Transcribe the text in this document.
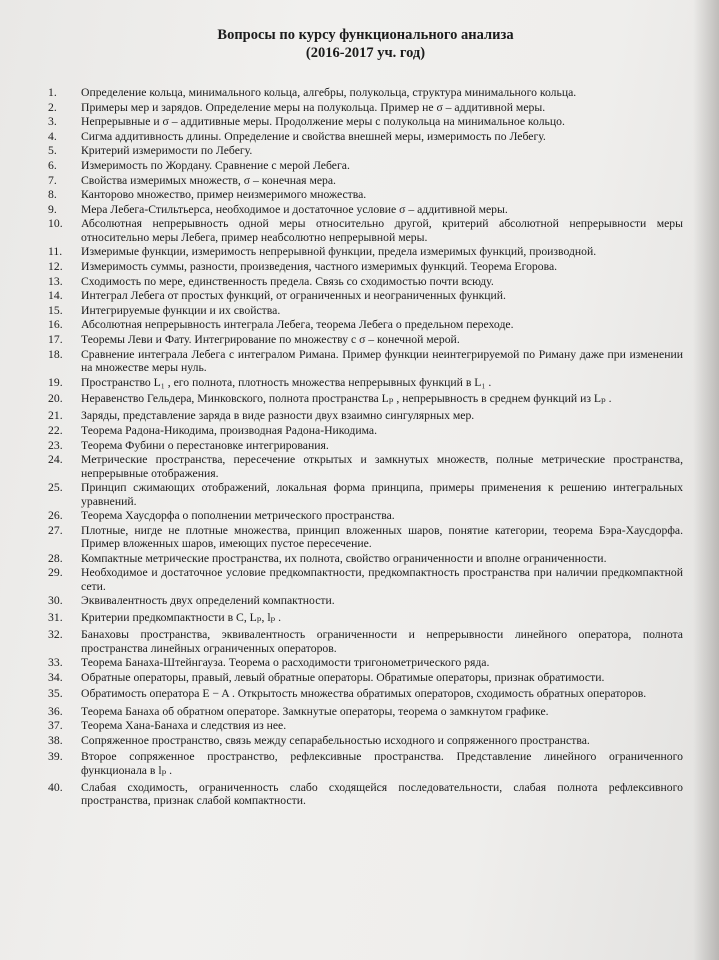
Вопросы по курсу функционального анализа
(2016-2017 уч. год)
1.	Определение кольца, минимального кольца, алгебры, полукольца, структура минимального кольца.
2.	Примеры мер и зарядов. Определение меры на полукольца. Пример не σ – аддитивной меры.
3.	Непрерывные и σ – аддитивные меры. Продолжение меры с полукольца на минимальное кольцо.
4.	Сигма аддитивность длины. Определение и свойства внешней меры, измеримость по Лебегу.
5.	Критерий измеримости по Лебегу.
6.	Измеримость по Жордану. Сравнение с мерой Лебега.
7.	Свойства измеримых множеств, σ – конечная мера.
8.	Канторово множество, пример неизмеримого множества.
9.	Мера Лебега-Стильтьерса, необходимое и достаточное условие σ – аддитивной меры.
10.	Абсолютная непрерывность одной меры относительно другой, критерий абсолютной непрерывности меры относительно меры Лебега, пример неабсолютно непрерывной меры.
11.	Измеримые функции, измеримость непрерывной функции, предела измеримых функций, производной.
12.	Измеримость суммы, разности, произведения, частного измеримых функций. Теорема Егорова.
13.	Сходимость по мере, единственность предела. Связь со сходимостью почти всюду.
14.	Интеграл Лебега от простых функций, от ограниченных и неограниченных функций.
15.	Интегрируемые функции и их свойства.
16.	Абсолютная непрерывность интеграла Лебега, теорема Лебега о предельном переходе.
17.	Теоремы Леви и Фату. Интегрирование по множеству с σ – конечной мерой.
18.	Сравнение интеграла Лебега с интегралом Римана. Пример функции неинтегрируемой по Риману даже при изменении на множестве меры нуль.
19.	Пространство L₁ , его полнота, плотность множества непрерывных функций в L₁ .
20.	Неравенство Гельдера, Минковского, полнота пространства Lₚ , непрерывность в среднем функций из Lₚ .
21.	Заряды, представление заряда в виде разности двух взаимно сингулярных мер.
22.	Теорема Радона-Никодима, производная Радона-Никодима.
23.	Теорема Фубини о перестановке интегрирования.
24.	Метрические пространства, пересечение открытых и замкнутых множеств, полные метрические пространства, непрерывные отображения.
25.	Принцип сжимающих отображений, локальная форма принципа, примеры применения к решению интегральных уравнений.
26.	Теорема Хаусдорфа о пополнении метрического пространства.
27.	Плотные, нигде не плотные множества, принцип вложенных шаров, понятие категории, теорема Бэра-Хаусдорфа. Пример вложенных шаров, имеющих пустое пересечение.
28.	Компактные метрические пространства, их полнота, свойство ограниченности и вполне ограниченности.
29.	Необходимое и достаточное условие предкомпактности, предкомпактность пространства при наличии предкомпактной сети.
30.	Эквивалентность двух определений компактности.
31.	Критерии предкомпактности в C, Lₚ, lₚ .
32.	Банаховы пространства, эквивалентность ограниченности и непрерывности линейного оператора, полнота пространства линейных ограниченных операторов.
33.	Теорема Банаха-Штейнгауза. Теорема о расходимости тригонометрического ряда.
34.	Обратные операторы, правый, левый обратные операторы. Обратимые операторы, признак обратимости.
35.	Обратимость оператора E − A . Открытость множества обратимых операторов, сходимость обратных операторов.
36.	Теорема Банаха об обратном операторе. Замкнутые операторы, теорема о замкнутом графике.
37.	Теорема Хана-Банаха и следствия из нее.
38.	Сопряженное пространство, связь между сепарабельностью исходного и сопряженного пространства.
39.	Второе сопряженное пространство, рефлексивные пространства. Представление линейного ограниченного функционала в lₚ .
40.	Слабая сходимость, ограниченность слабо сходящейся последовательности, слабая полнота рефлексивного пространства, признак слабой компактности.
